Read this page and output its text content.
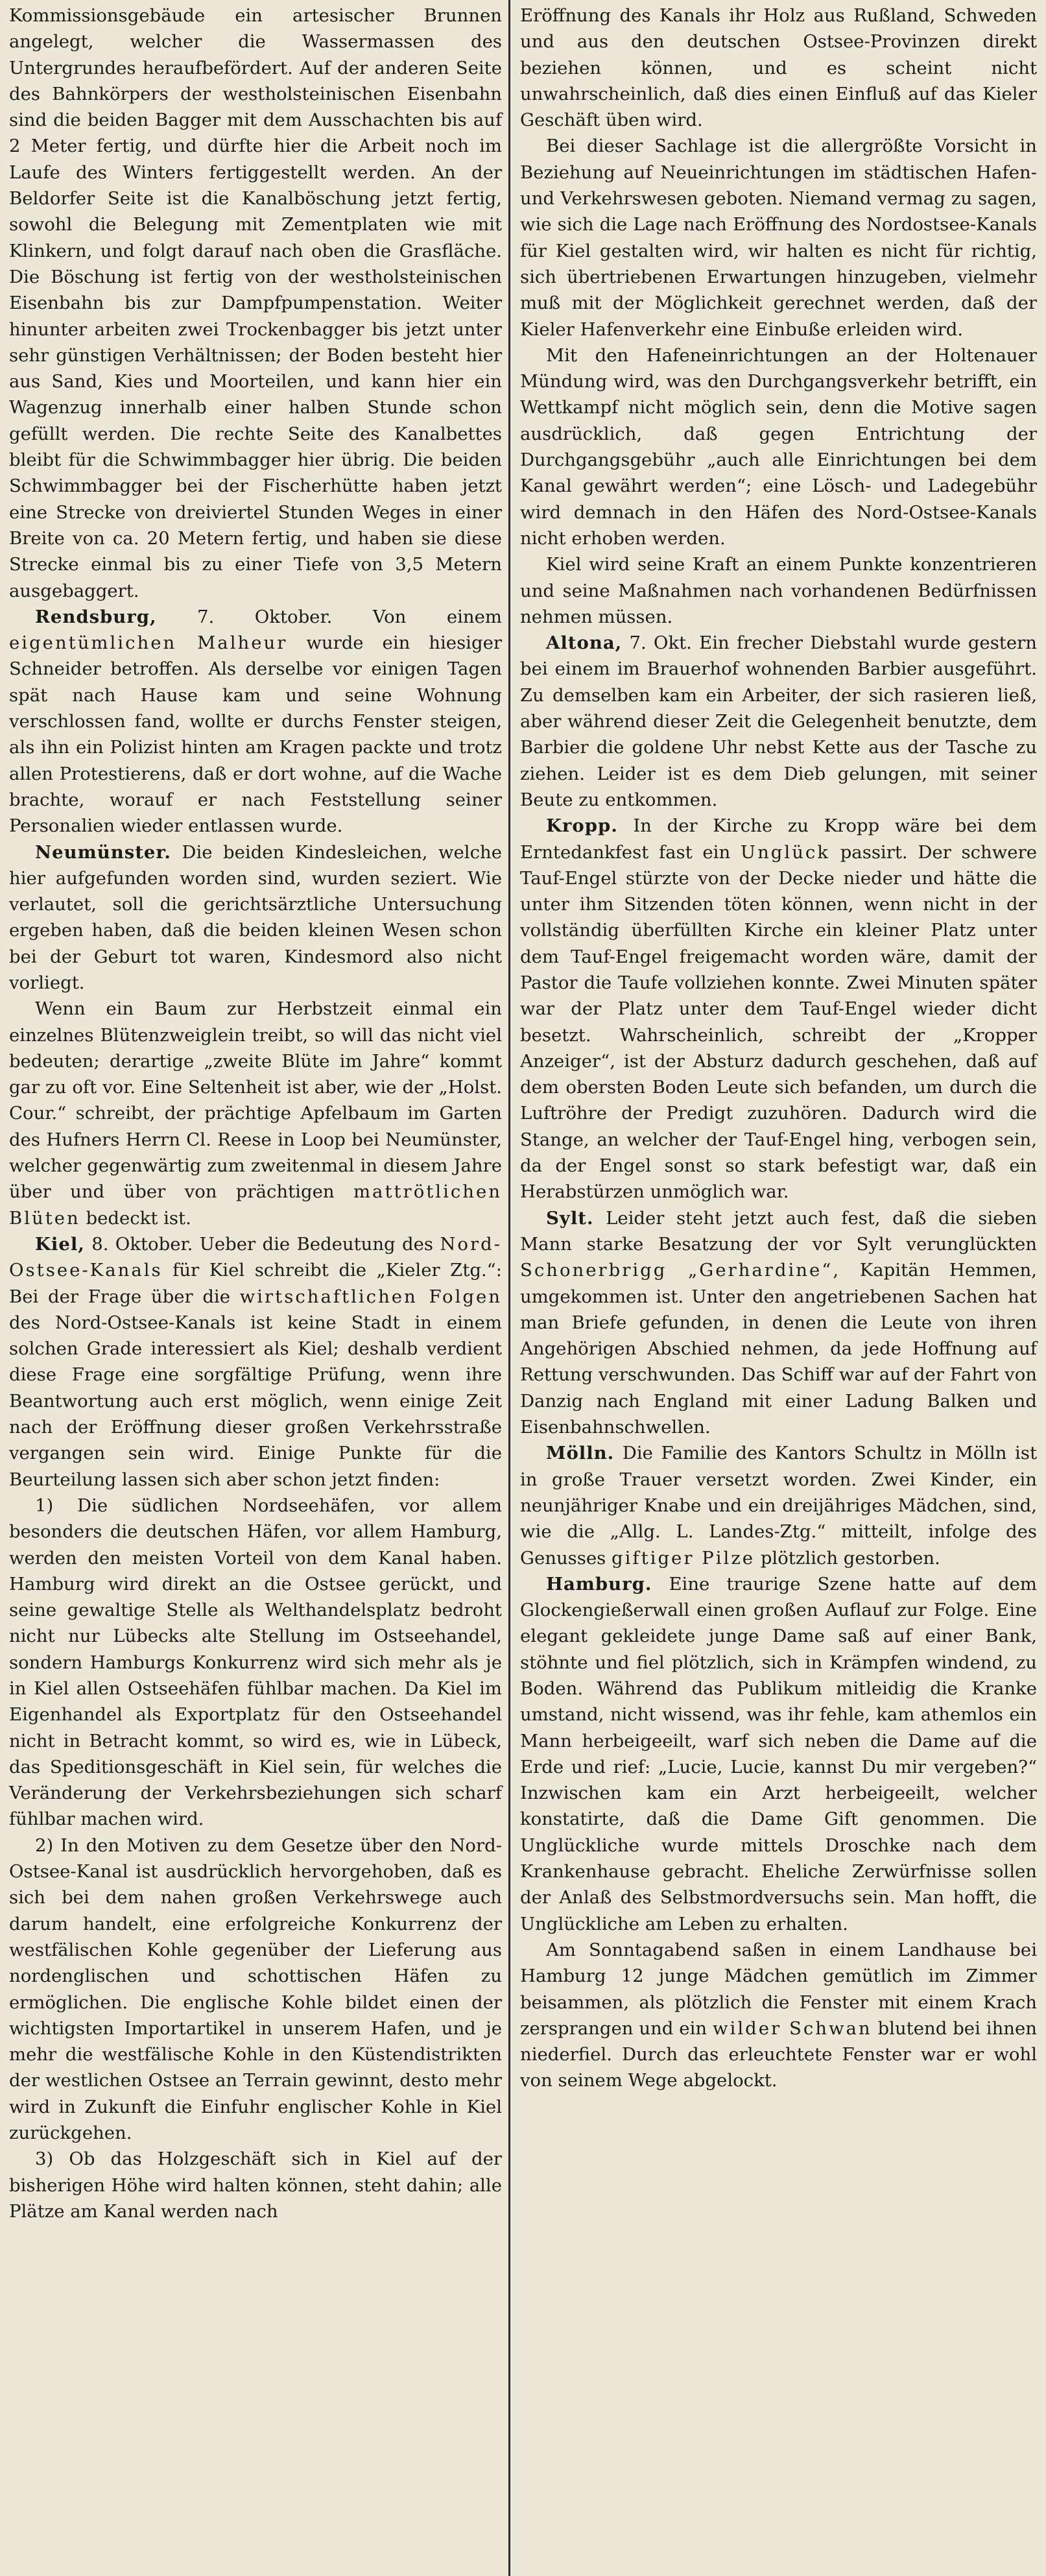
Kommissionsgebäude ein artesischer Brunnen angelegt, welcher die Wassermassen des Untergrundes heraufbefördert. Auf der anderen Seite des Bahnkörpers der westholsteinischen Eisenbahn sind die beiden Bagger mit dem Ausschachten bis auf 2 Meter fertig, und dürfte hier die Arbeit noch im Laufe des Winters fertiggestellt werden. An der Beldorfer Seite ist die Kanalböschung jetzt fertig, sowohl die Belegung mit Zementplaten wie mit Klinkern, und folgt darauf nach oben die Grasfläche. Die Böschung ist fertig von der westholsteinischen Eisenbahn bis zur Dampfpumpenstation. Weiter hinunter arbeiten zwei Trockenbagger bis jetzt unter sehr günstigen Verhältnissen; der Boden besteht hier aus Sand, Kies und Moorteilen, und kann hier ein Wagenzug innerhalb einer halben Stunde schon gefüllt werden. Die rechte Seite des Kanalbettes bleibt für die Schwimmbagger hier übrig. Die beiden Schwimmbagger bei der Fischerhütte haben jetzt eine Strecke von dreiviertel Stunden Weges in einer Breite von ca. 20 Metern fertig, und haben sie diese Strecke einmal bis zu einer Tiefe von 3,5 Metern ausgebaggert.

Rendsburg, 7. Oktober. Von einem eigentümlichen Malheur wurde ein hiesiger Schneider betroffen. Als derselbe vor einigen Tagen spät nach Hause kam und seine Wohnung verschlossen fand, wollte er durchs Fenster steigen, als ihn ein Polizist hinten am Kragen packte und trotz allen Protestierens, daß er dort wohne, auf die Wache brachte, worauf er nach Feststellung seiner Personalien wieder entlassen wurde.

Neumünster. Die beiden Kindesleichen, welche hier aufgefunden worden sind, wurden seziert. Wie verlautet, soll die gerichtsärztliche Untersuchung ergeben haben, daß die beiden kleinen Wesen schon bei der Geburt tot waren, Kindesmord also nicht vorliegt.

Wenn ein Baum zur Herbstzeit einmal ein einzelnes Blütenzweiglein treibt, so will das nicht viel bedeuten; derartige „zweite Blüte im Jahre“ kommt gar zu oft vor. Eine Seltenheit ist aber, wie der „Holst. Cour.“ schreibt, der prächtige Apfelbaum im Garten des Hufners Herrn Cl. Reese in Loop bei Neumünster, welcher gegenwärtig zum zweitenmal in diesem Jahre über und über von prächtigen mattrötlichen Blüten bedeckt ist.

Kiel, 8. Oktober. Ueber die Bedeutung des Nord-Ostsee-Kanals für Kiel schreibt die „Kieler Ztg.“: Bei der Frage über die wirtschaftlichen Folgen des Nord-Ostsee-Kanals ist keine Stadt in einem solchen Grade interessiert als Kiel; deshalb verdient diese Frage eine sorgfältige Prüfung, wenn ihre Beantwortung auch erst möglich, wenn einige Zeit nach der Eröffnung dieser großen Verkehrsstraße vergangen sein wird. Einige Punkte für die Beurteilung lassen sich aber schon jetzt finden:

1) Die südlichen Nordseehäfen, vor allem besonders die deutschen Häfen, vor allem Hamburg, werden den meisten Vorteil von dem Kanal haben. Hamburg wird direkt an die Ostsee gerückt, und seine gewaltige Stelle als Welthandelsplatz bedroht nicht nur Lübecks alte Stellung im Ostseehandel, sondern Hamburgs Konkurrenz wird sich mehr als je in Kiel allen Ostseehäfen fühlbar machen. Da Kiel im Eigenhandel als Exportplatz für den Ostseehandel nicht in Betracht kommt, so wird es, wie in Lübeck, das Speditionsgeschäft in Kiel sein, für welches die Veränderung der Verkehrsbeziehungen sich scharf fühlbar machen wird.

2) In den Motiven zu dem Gesetze über den Nord-Ostsee-Kanal ist ausdrücklich hervorgehoben, daß es sich bei dem nahen großen Verkehrswege auch darum handelt, eine erfolgreiche Konkurrenz der westfälischen Kohle gegenüber der Lieferung aus nordenglischen und schottischen Häfen zu ermöglichen. Die englische Kohle bildet einen der wichtigsten Importartikel in unserem Hafen, und je mehr die westfälische Kohle in den Küstendistrikten der westlichen Ostsee an Terrain gewinnt, desto mehr wird in Zukunft die Einfuhr englischer Kohle in Kiel zurückgehen.

3) Ob das Holzgeschäft sich in Kiel auf der bisherigen Höhe wird halten können, steht dahin; alle Plätze am Kanal werden nach

Eröffnung des Kanals ihr Holz aus Rußland, Schweden und aus den deutschen Ostsee-Provinzen direkt beziehen können, und es scheint nicht unwahrscheinlich, daß dies einen Einfluß auf das Kieler Geschäft üben wird.

Bei dieser Sachlage ist die allergrößte Vorsicht in Beziehung auf Neueinrichtungen im städtischen Hafen- und Verkehrswesen geboten. Niemand vermag zu sagen, wie sich die Lage nach Eröffnung des Nordostsee-Kanals für Kiel gestalten wird, wir halten es nicht für richtig, sich übertriebenen Erwartungen hinzugeben, vielmehr muß mit der Möglichkeit gerechnet werden, daß der Kieler Hafenverkehr eine Einbuße erleiden wird.

Mit den Hafeneinrichtungen an der Holtenauer Mündung wird, was den Durchgangsverkehr betrifft, ein Wettkampf nicht möglich sein, denn die Motive sagen ausdrücklich, daß gegen Entrichtung der Durchgangsgebühr „auch alle Einrichtungen bei dem Kanal gewährt werden“; eine Lösch- und Ladegebühr wird demnach in den Häfen des Nord-Ostsee-Kanals nicht erhoben werden.

Kiel wird seine Kraft an einem Punkte konzentrieren und seine Maßnahmen nach vorhandenen Bedürfnissen nehmen müssen.

Altona, 7. Okt. Ein frecher Diebstahl wurde gestern bei einem im Brauerhof wohnenden Barbier ausgeführt. Zu demselben kam ein Arbeiter, der sich rasieren ließ, aber während dieser Zeit die Gelegenheit benutzte, dem Barbier die goldene Uhr nebst Kette aus der Tasche zu ziehen. Leider ist es dem Dieb gelungen, mit seiner Beute zu entkommen.

Kropp. In der Kirche zu Kropp wäre bei dem Erntedankfest fast ein Unglück passirt. Der schwere Tauf-Engel stürzte von der Decke nieder und hätte die unter ihm Sitzenden töten können, wenn nicht in der vollständig überfüllten Kirche ein kleiner Platz unter dem Tauf-Engel freigemacht worden wäre, damit der Pastor die Taufe vollziehen konnte. Zwei Minuten später war der Platz unter dem Tauf-Engel wieder dicht besetzt. Wahrscheinlich, schreibt der „Kropper Anzeiger“, ist der Absturz dadurch geschehen, daß auf dem obersten Boden Leute sich befanden, um durch die Luftröhre der Predigt zuzuhören. Dadurch wird die Stange, an welcher der Tauf-Engel hing, verbogen sein, da der Engel sonst so stark befestigt war, daß ein Herabstürzen unmöglich war.

Sylt. Leider steht jetzt auch fest, daß die sieben Mann starke Besatzung der vor Sylt verunglückten Schonerbrigg „Gerhardine“, Kapitän Hemmen, umgekommen ist. Unter den angetriebenen Sachen hat man Briefe gefunden, in denen die Leute von ihren Angehörigen Abschied nehmen, da jede Hoffnung auf Rettung verschwunden. Das Schiff war auf der Fahrt von Danzig nach England mit einer Ladung Balken und Eisenbahnschwellen.

Mölln. Die Familie des Kantors Schultz in Mölln ist in große Trauer versetzt worden. Zwei Kinder, ein neunjähriger Knabe und ein dreijähriges Mädchen, sind, wie die „Allg. L. Landes-Ztg.“ mitteilt, infolge des Genusses giftiger Pilze plötzlich gestorben.

Hamburg. Eine traurige Szene hatte auf dem Glockengießerwall einen großen Auflauf zur Folge. Eine elegant gekleidete junge Dame saß auf einer Bank, stöhnte und fiel plötzlich, sich in Krämpfen windend, zu Boden. Während das Publikum mitleidig die Kranke umstand, nicht wissend, was ihr fehle, kam athemlos ein Mann herbeigeeilt, warf sich neben die Dame auf die Erde und rief: „Lucie, Lucie, kannst Du mir vergeben?“ Inzwischen kam ein Arzt herbeigeeilt, welcher konstatirte, daß die Dame Gift genommen. Die Unglückliche wurde mittels Droschke nach dem Krankenhause gebracht. Eheliche Zerwürfnisse sollen der Anlaß des Selbstmordversuchs sein. Man hofft, die Unglückliche am Leben zu erhalten.

Am Sonntagabend saßen in einem Landhause bei Hamburg 12 junge Mädchen gemütlich im Zimmer beisammen, als plötzlich die Fenster mit einem Krach zersprangen und ein wilder Schwan blutend bei ihnen niederfiel. Durch das erleuchtete Fenster war er wohl von seinem Wege abgelockt.
